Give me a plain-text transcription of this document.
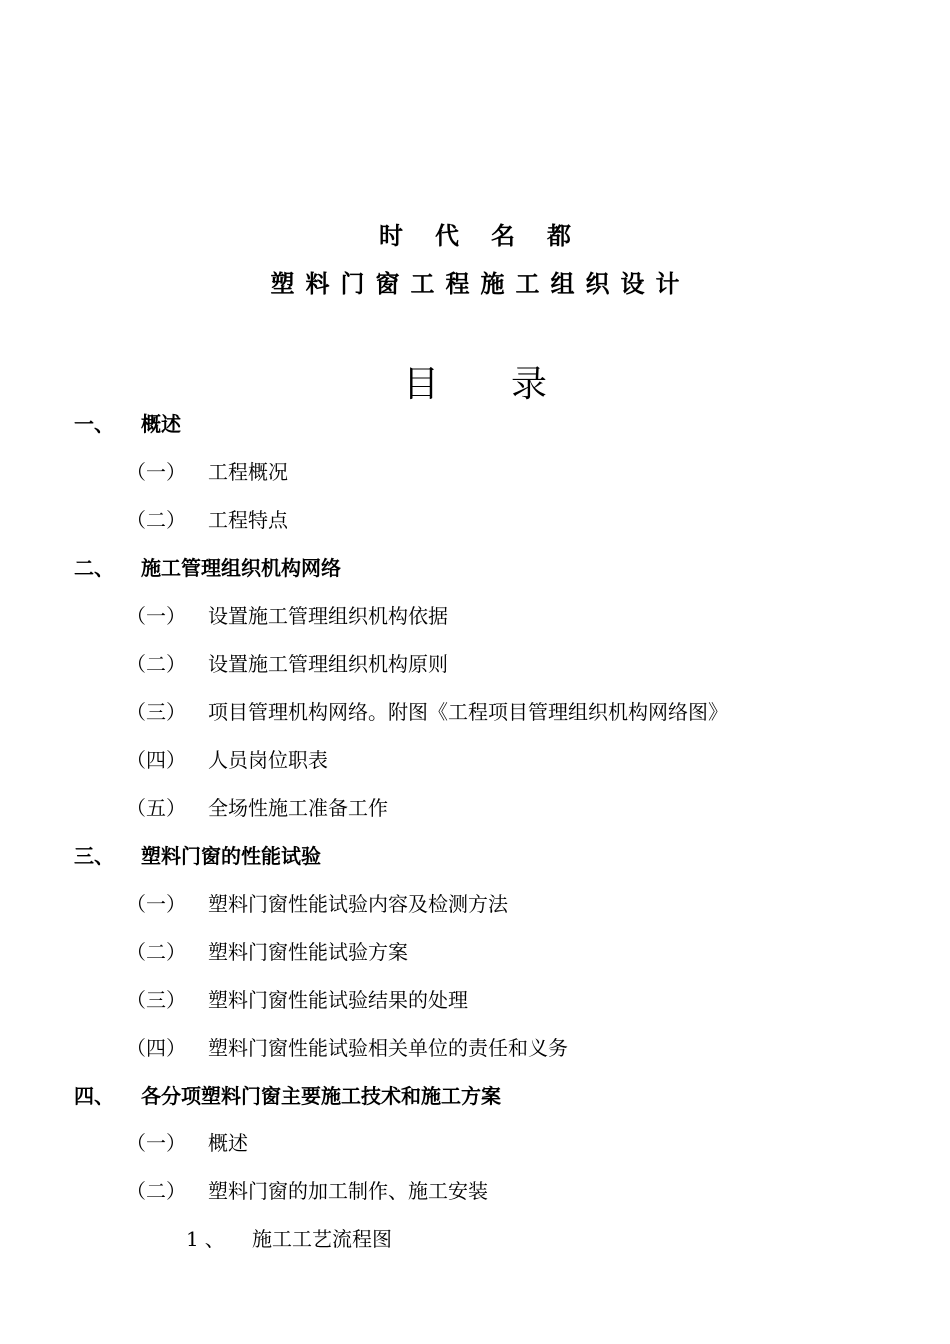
时代名都
塑料门窗工程施工组织设计
目录
一、 概述
（一） 工程概况
（二） 工程特点
二、 施工管理组织机构网络
（一） 设置施工管理组织机构依据
（二） 设置施工管理组织机构原则
（三） 项目管理机构网络。附图《工程项目管理组织机构网络图》
（四） 人员岗位职表
（五） 全场性施工准备工作
三、 塑料门窗的性能试验
（一） 塑料门窗性能试验内容及检测方法
（二） 塑料门窗性能试验方案
（三） 塑料门窗性能试验结果的处理
（四） 塑料门窗性能试验相关单位的责任和义务
四、 各分项塑料门窗主要施工技术和施工方案
（一） 概述
（二） 塑料门窗的加工制作、施工安装
1、 施工工艺流程图
